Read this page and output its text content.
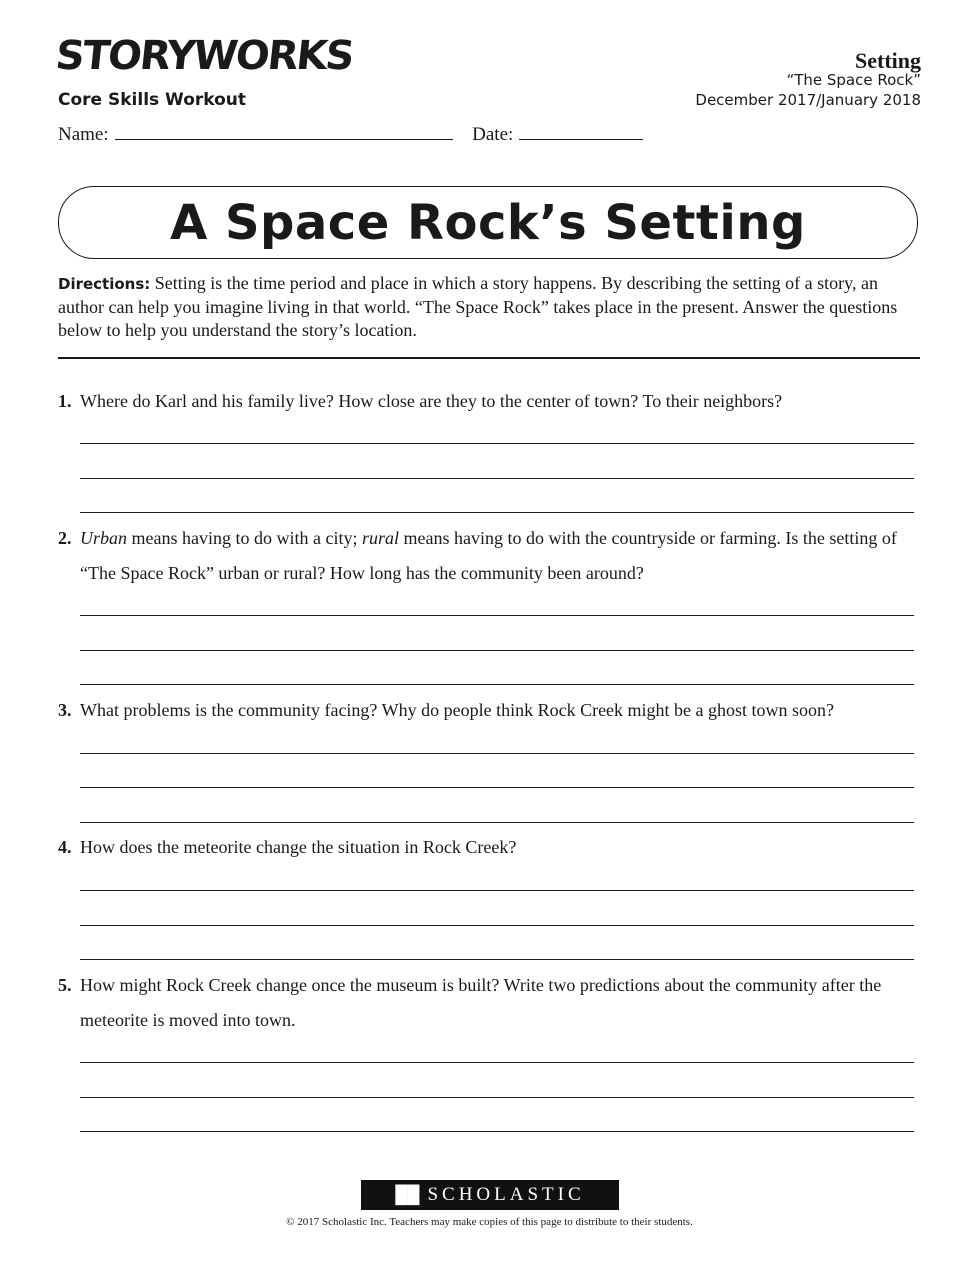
STORYWORKS
Core Skills Workout
Setting
“The Space Rock”
December 2017/January 2018
Name:	Date:
A Space Rock’s Setting
Directions: Setting is the time period and place in which a story happens. By describing the setting of a story, an author can help you imagine living in that world. “The Space Rock” takes place in the present. Answer the questions below to help you understand the story’s location.
1. Where do Karl and his family live? How close are they to the center of town? To their neighbors?
2. Urban means having to do with a city; rural means having to do with the countryside or farming. Is the setting of “The Space Rock” urban or rural? How long has the community been around?
3. What problems is the community facing? Why do people think Rock Creek might be a ghost town soon?
4. How does the meteorite change the situation in Rock Creek?
5. How might Rock Creek change once the museum is built? Write two predictions about the community after the meteorite is moved into town.
██ SCHOLASTIC
© 2017 Scholastic Inc. Teachers may make copies of this page to distribute to their students.
